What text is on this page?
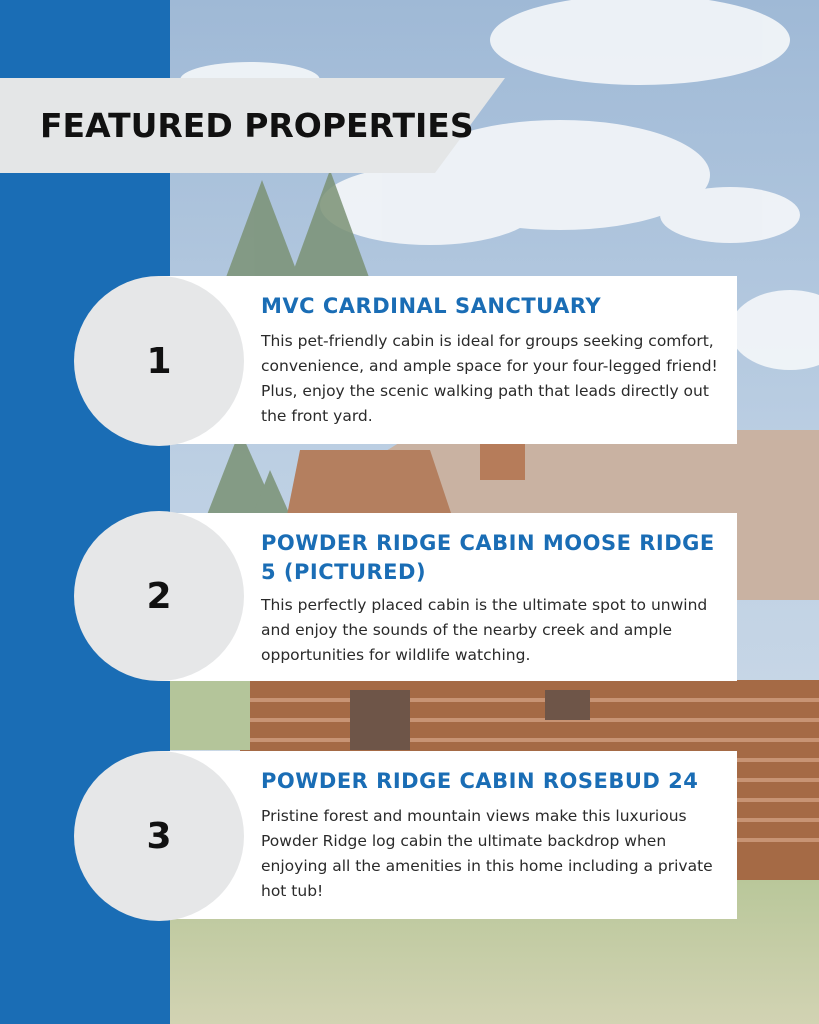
FEATURED PROPERTIES
MVC CARDINAL SANCTUARY
This pet-friendly cabin is ideal for groups seeking comfort, convenience, and ample space for your four-legged friend! Plus, enjoy the scenic walking path that leads directly out the front yard.
1
POWDER RIDGE CABIN MOOSE RIDGE 5 (PICTURED)
This perfectly placed cabin is the ultimate spot to unwind and enjoy the sounds of the nearby creek and ample opportunities for wildlife watching.
2
POWDER RIDGE CABIN ROSEBUD 24
Pristine forest and mountain views make this luxurious Powder Ridge log cabin the ultimate backdrop when enjoying all the amenities in this home including a private hot tub!
3
